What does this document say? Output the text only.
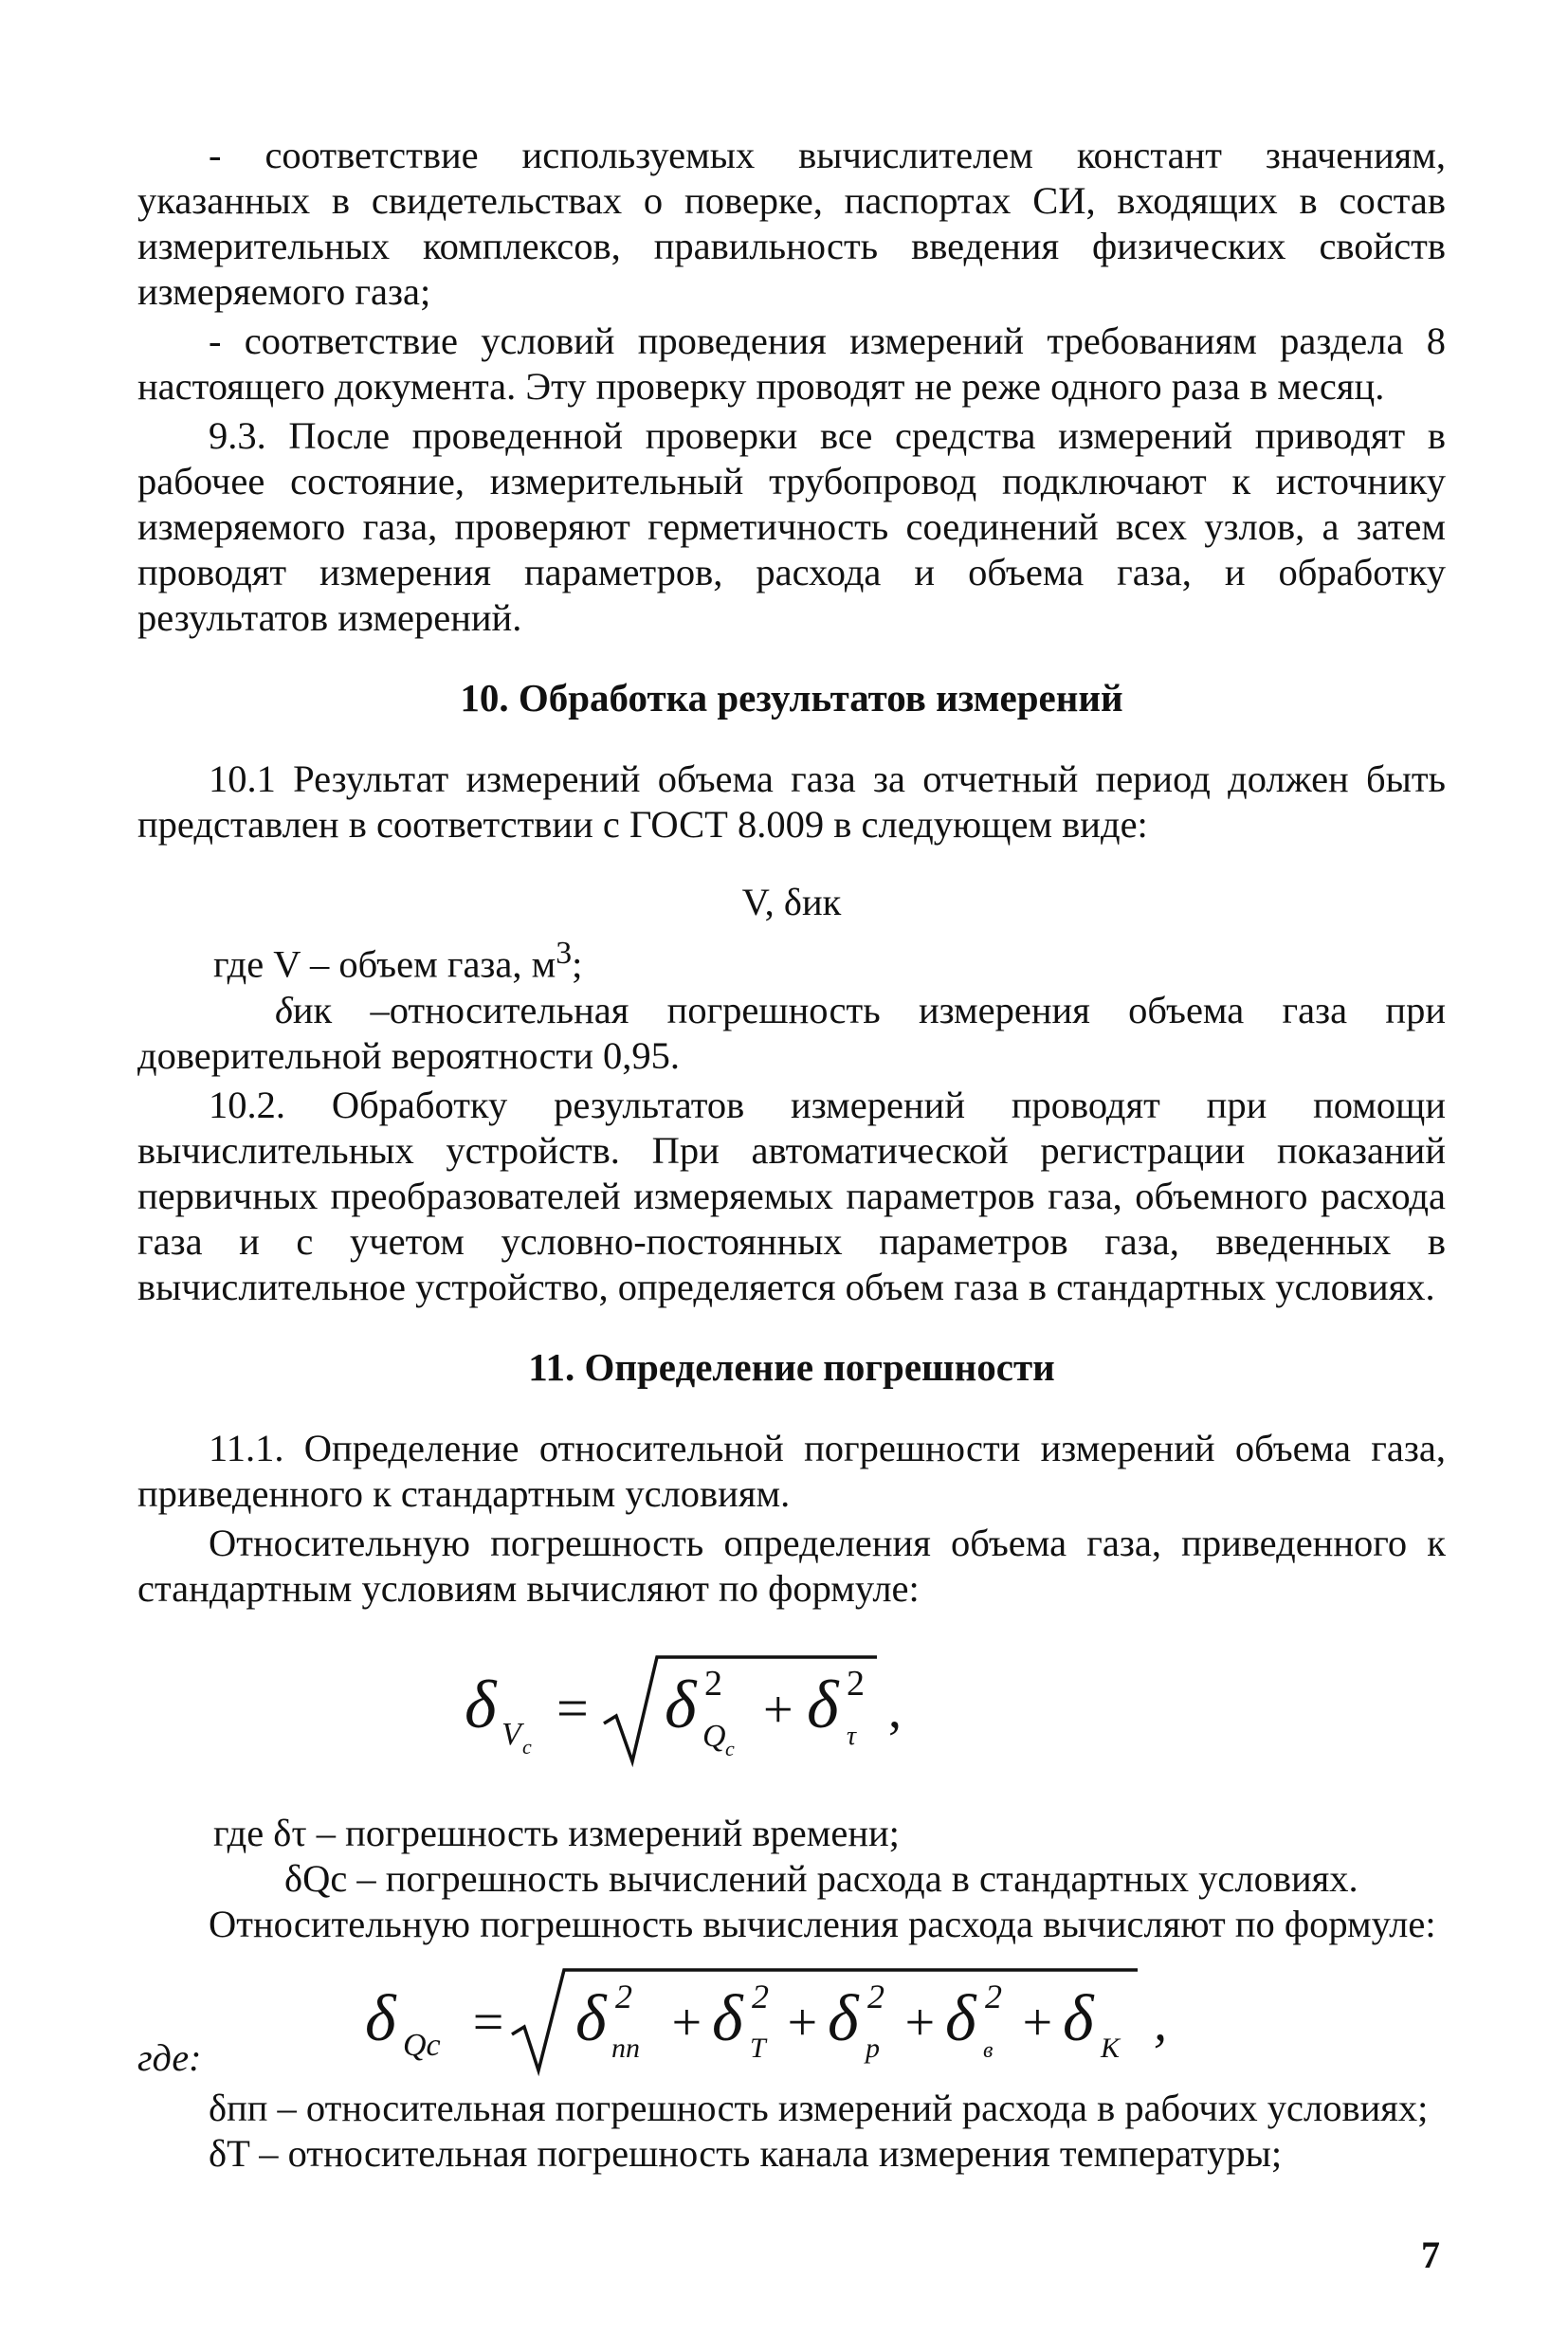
- соответствие используемых вычислителем констант значениям, указанных в свидетельствах о поверке, паспортах СИ, входящих в состав измерительных комплексов, правильность введения физических свойств измеряемого газа;

- соответствие условий проведения измерений требованиям раздела 8 настоящего документа. Эту проверку проводят не реже одного раза в месяц.

9.3. После проведенной проверки все средства измерений приводят в рабочее состояние, измерительный трубопровод подключают к источнику измеряемого газа, проверяют герметичность соединений всех узлов, а затем проводят измерения параметров, расхода и объема газа, и обработку результатов измерений.

10. Обработка результатов измерений

10.1 Результат измерений объема газа за отчетный период должен быть представлен в соответствии с ГОСТ 8.009 в следующем виде:

V, δик

где V – объем газа, $м^3$;

δик –относительная погрешность измерения объема газа при доверительной вероятности 0,95.

10.2. Обработку результатов измерений проводят при помощи вычислительных устройств. При автоматической регистрации показаний первичных преобразователей измеряемых параметров газа, объемного расхода газа и с учетом условно-постоянных параметров газа, введенных в вычислительное устройство, определяется объем газа в стандартных условиях.

11. Определение погрешности

11.1. Определение относительной погрешности измерений объема газа, приведенного к стандартным условиям.

Относительную погрешность определения объема газа, приведенного к стандартным условиям вычисляют по формуле:

δ V c
= δ 2
Q c
+ δ 2
τ ,

где δτ – погрешность измерений времени;

δQc – погрешность вычислений расхода в стандартных условиях.

Относительную погрешность вычисления расхода вычисляют по формуле:

где:
δ Qc = δ 2
пп + δ 2
T + δ 2
p + δ 2
в + δ K ,

δпп – относительная погрешность измерений расхода в рабочих условиях;

δT – относительная погрешность канала измерения температуры;

7
